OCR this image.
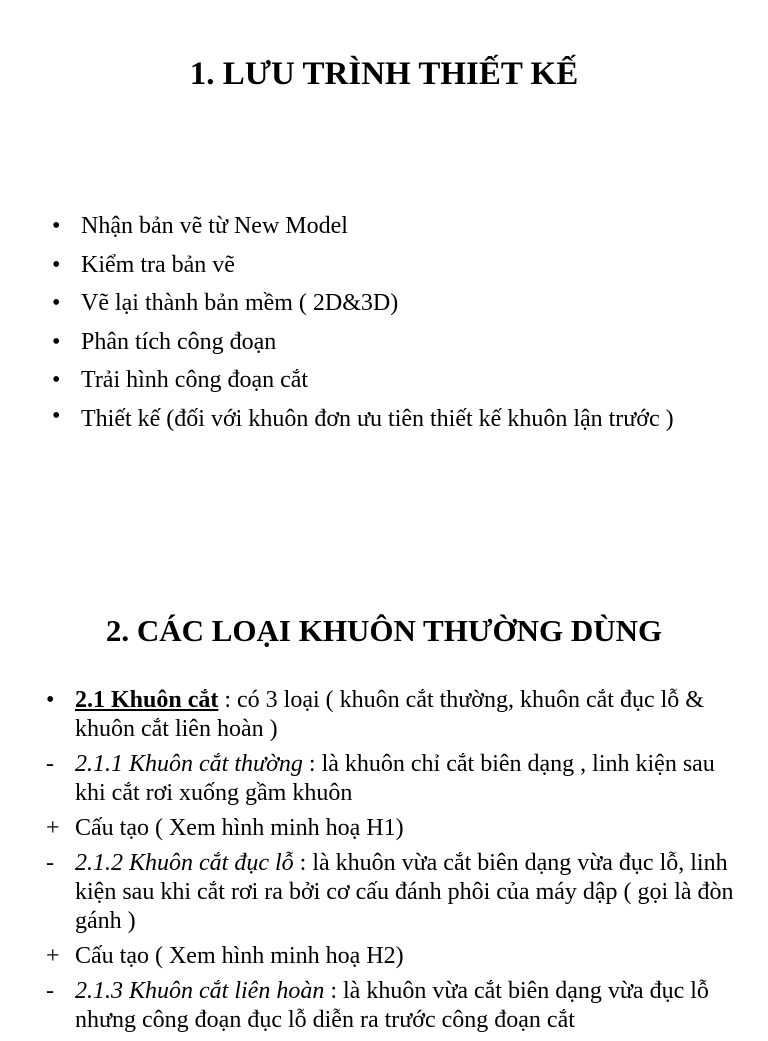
1. LƯU TRÌNH THIẾT KẾ
• Nhận bản vẽ từ New Model
• Kiểm tra bản vẽ
• Vẽ lại thành bản mềm ( 2D&3D)
• Phân tích công đoạn
• Trải hình công đoạn cắt
• Thiết kế (đối với khuôn đơn ưu tiên thiết kế khuôn lận trước )
2. CÁC LOẠI KHUÔN THƯỜNG DÙNG
• 2.1 Khuôn cắt : có 3 loại ( khuôn cắt thường, khuôn cắt đục lỗ & khuôn cắt liên hoàn )
- 2.1.1 Khuôn cắt thường : là khuôn chỉ cắt biên dạng , linh kiện sau khi cắt rơi xuống gầm khuôn
+ Cấu tạo ( Xem hình minh hoạ H1)
- 2.1.2 Khuôn cắt đục lỗ : là khuôn vừa cắt biên dạng vừa đục lỗ, linh kiện sau khi cắt rơi ra bởi cơ cấu đánh phôi của máy dập ( gọi là đòn gánh )
+ Cấu tạo ( Xem hình minh hoạ H2)
- 2.1.3 Khuôn cắt liên hoàn : là khuôn vừa cắt biên dạng vừa đục lỗ nhưng công đoạn đục lỗ diễn ra trước công đoạn cắt
